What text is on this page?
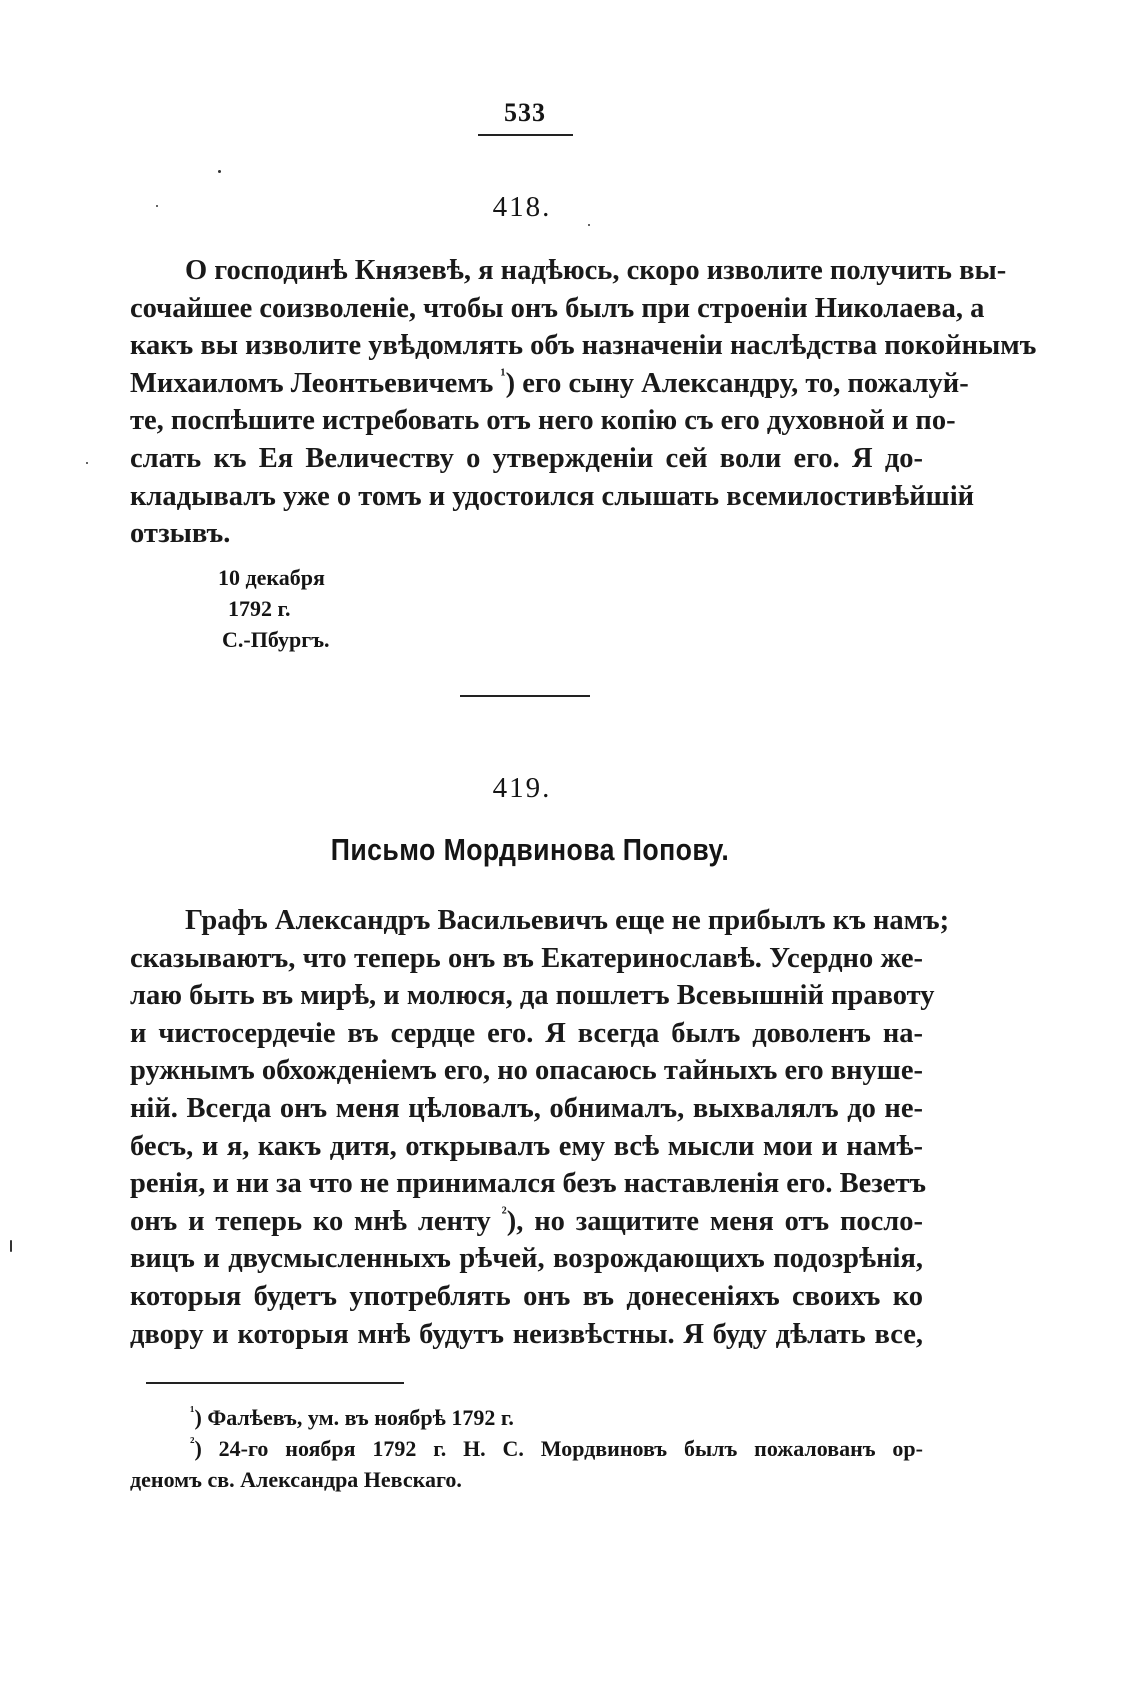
533
418.
О господинѣ Князевѣ, я надѣюсь, скоро изволите получить вы-
сочайшее соизволеніе, чтобы онъ былъ при строеніи Николаева, а
какъ вы изволите увѣдомлять объ назначеніи наслѣдства покойнымъ
Михаиломъ Леонтьевичемъ $^{^1}$) его сыну Александру, то, пожалуй-
те, поспѣшите истребовать отъ него копію съ его духовной и по-
слать къ Ея Величеству о утвержденіи сей воли его. Я до-
кладывалъ уже о томъ и удостоился слышать всемилостивѣйшій
отзывъ.
10 декабря
1792 г.
С.-Пбургъ.
419.
Письмо Мордвинова Попову.
Графъ Александръ Васильевичъ еще не прибылъ къ намъ;
сказываютъ, что теперь онъ въ Екатеринославѣ. Усердно же-
лаю быть въ мирѣ, и молюся, да пошлетъ Всевышній правоту
и чистосердечіе въ сердце его. Я всегда былъ доволенъ на-
ружнымъ обхожденіемъ его, но опасаюсь тайныхъ его внуше-
ній. Всегда онъ меня цѣловалъ, обнималъ, выхвалялъ до не-
бесъ, и я, какъ дитя, открывалъ ему всѣ мысли мои и намѣ-
ренія, и ни за что не принимался безъ наставленія его. Везетъ
онъ и теперь ко мнѣ ленту $^{^2}$), но защитите меня отъ посло-
вицъ и двусмысленныхъ рѣчей, возрождающихъ подозрѣнія,
которыя будетъ употреблять онъ въ донесеніяхъ своихъ ко
двору и которыя мнѣ будутъ неизвѣстны. Я буду дѣлать все,
$^{^1}$) Фалѣевъ, ум. въ ноябрѣ 1792 г.
$^{^2}$) 24-го ноября 1792 г. Н. С. Мордвиновъ былъ пожалованъ ор-
деномъ св. Александра Невскаго.
